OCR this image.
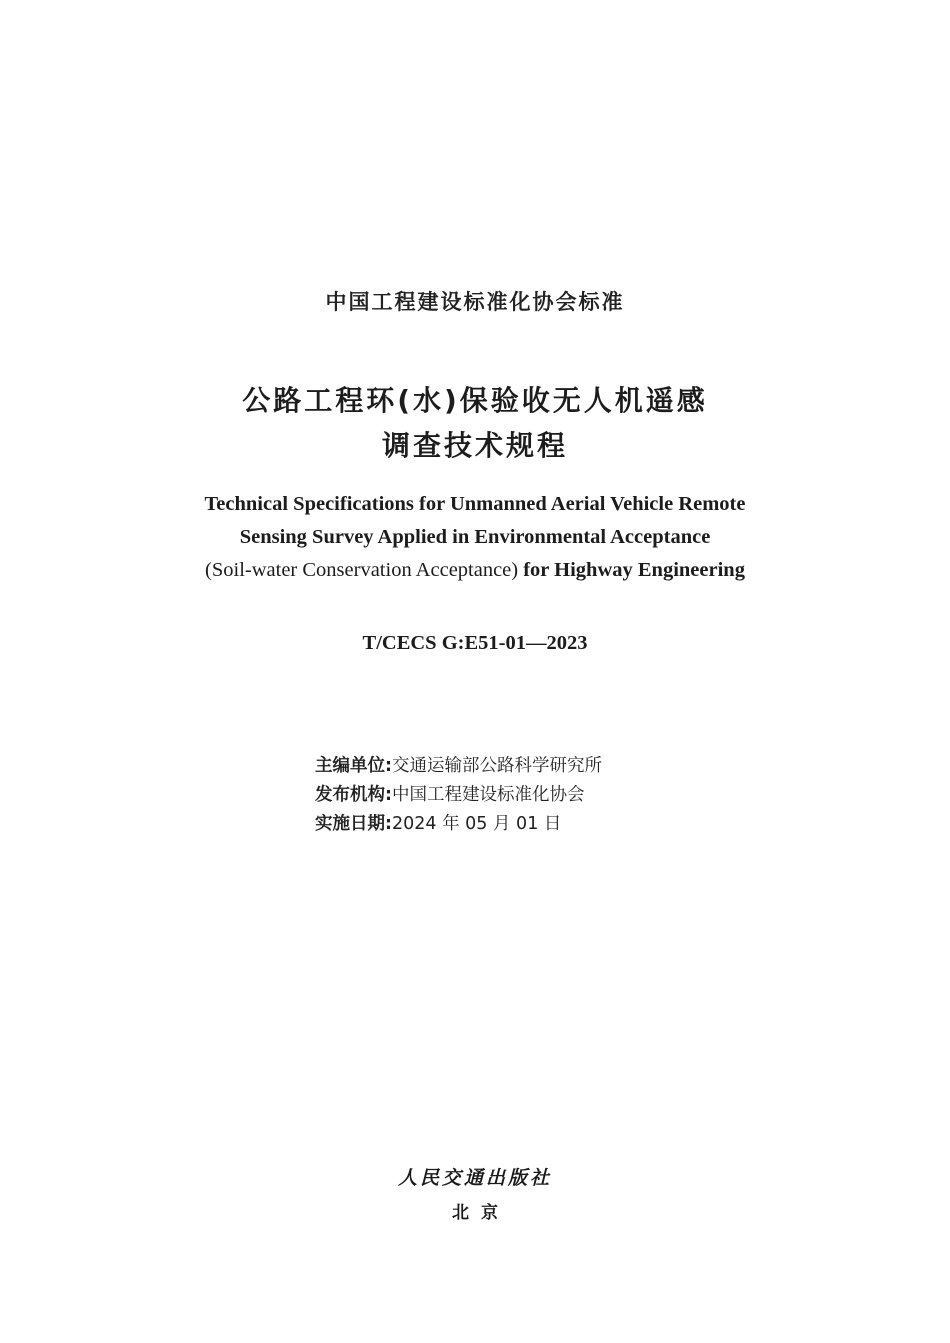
中国工程建设标准化协会标准
公路工程环(水)保验收无人机遥感
调查技术规程
Technical Specifications for Unmanned Aerial Vehicle Remote
Sensing Survey Applied in Environmental Acceptance
(Soil-water Conservation Acceptance) for Highway Engineering
T/CECS G:E51-01—2023
主编单位:交通运输部公路科学研究所
发布机构:中国工程建设标准化协会
实施日期:2024 年 05 月 01 日
人民交通出版社
北京
